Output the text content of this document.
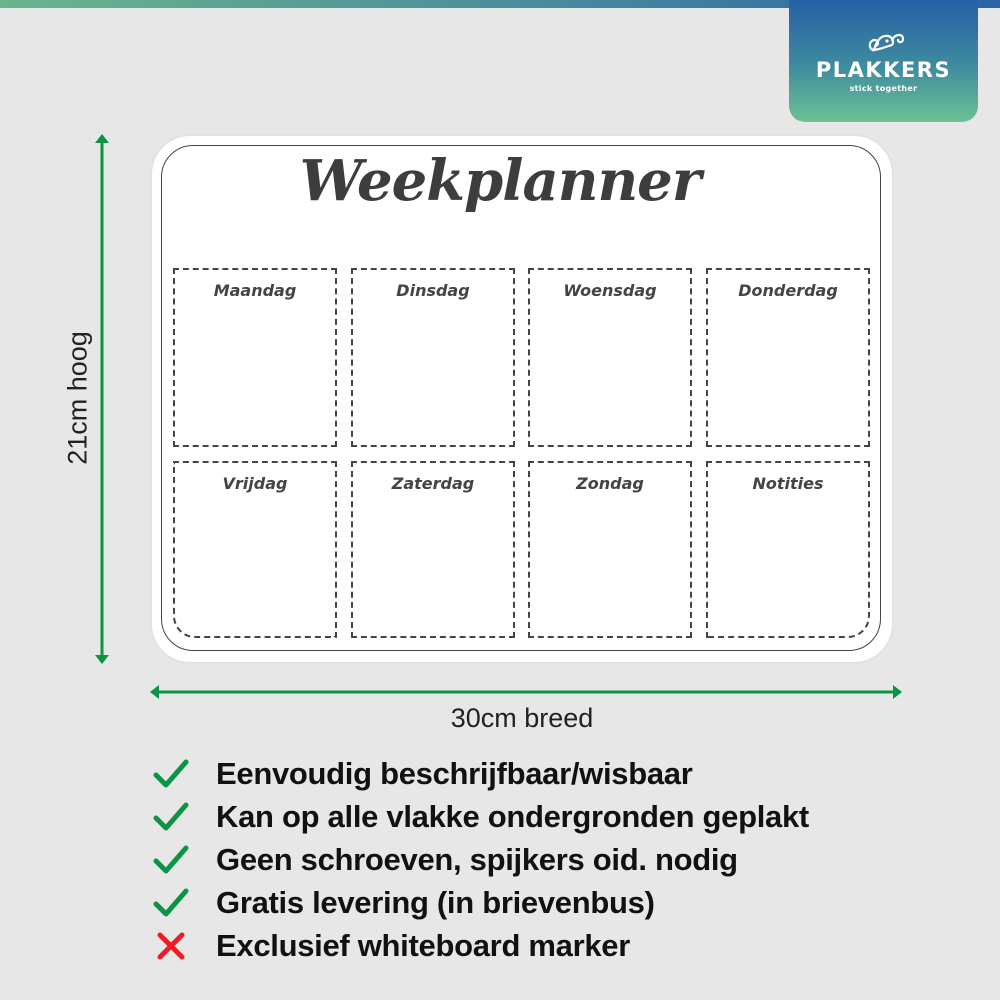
PLAKKERS
stick together
21cm hoog
Weekplanner
Maandag	Dinsdag	Woensdag	Donderdag
Vrijdag	Zaterdag	Zondag	Notities
30cm breed
Eenvoudig beschrijfbaar/wisbaar
Kan op alle vlakke ondergronden geplakt
Geen schroeven, spijkers oid. nodig
Gratis levering (in brievenbus)
Exclusief whiteboard marker
